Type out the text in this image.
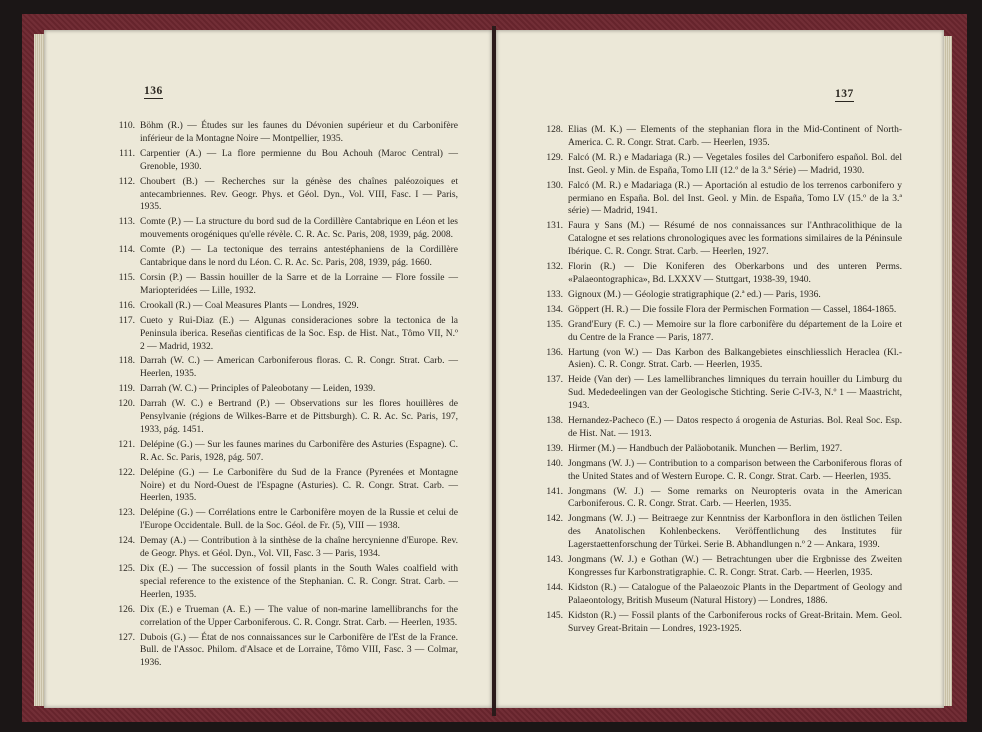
136
110. Böhm (R.) — Études sur les faunes du Dévonien supérieur et du Carbonifère inférieur de la Montagne Noire — Montpellier, 1935.
111. Carpentier (A.) — La flore permienne du Bou Achouh (Maroc Central) — Grenoble, 1930.
112. Choubert (B.) — Recherches sur la génèse des chaînes paléozoiques et antecambriennes. Rev. Geogr. Phys. et Géol. Dyn., Vol. VIII, Fasc. I — Paris, 1935.
113. Comte (P.) — La structure du bord sud de la Cordillère Cantabrique en Léon et les mouvements orogéniques qu'elle révèle. C. R. Ac. Sc. Paris, 208, 1939, pág. 2008.
114. Comte (P.) — La tectonique des terrains antestéphaniens de la Cordillère Cantabrique dans le nord du Léon. C. R. Ac. Sc. Paris, 208, 1939, pág. 1660.
115. Corsin (P.) — Bassin houiller de la Sarre et de la Lorraine — Flore fossile — Mariopteridées — Lille, 1932.
116. Crookall (R.) — Coal Measures Plants — Londres, 1929.
117. Cueto y Rui-Diaz (E.) — Algunas consideraciones sobre la tectonica de la Peninsula iberica. Reseñas cientificas de la Soc. Esp. de Hist. Nat., Tômo VII, N.º 2 — Madrid, 1932.
118. Darrah (W. C.) — American Carboniferous floras. C. R. Congr. Strat. Carb. — Heerlen, 1935.
119. Darrah (W. C.) — Principles of Paleobotany — Leiden, 1939.
120. Darrah (W. C.) e Bertrand (P.) — Observations sur les flores houillères de Pensylvanie (régions de Wilkes-Barre et de Pittsburgh). C. R. Ac. Sc. Paris, 197, 1933, pág. 1451.
121. Delépine (G.) — Sur les faunes marines du Carbonifère des Asturies (Espagne). C. R. Ac. Sc. Paris, 1928, pág. 507.
122. Delépine (G.) — Le Carbonifère du Sud de la France (Pyrenées et Montagne Noire) et du Nord-Ouest de l'Espagne (Asturies). C. R. Congr. Strat. Carb. — Heerlen, 1935.
123. Delépine (G.) — Corrélations entre le Carbonifère moyen de la Russie et celui de l'Europe Occidentale. Bull. de la Soc. Géol. de Fr. (5), VIII — 1938.
124. Demay (A.) — Contribution à la sinthèse de la chaîne hercynienne d'Europe. Rev. de Geogr. Phys. et Géol. Dyn., Vol. VII, Fasc. 3 — Paris, 1934.
125. Dix (E.) — The succession of fossil plants in the South Wales coalfield with special reference to the existence of the Stephanian. C. R. Congr. Strat. Carb. — Heerlen, 1935.
126. Dix (E.) e Trueman (A. E.) — The value of non-marine lamellibranchs for the correlation of the Upper Carboniferous. C. R. Congr. Strat. Carb. — Heerlen, 1935.
127. Dubois (G.) — État de nos connaissances sur le Carbonifère de l'Est de la France. Bull. de l'Assoc. Philom. d'Alsace et de Lorraine, Tômo VIII, Fasc. 3 — Colmar, 1936.
137
128. Elias (M. K.) — Elements of the stephanian flora in the Mid-Continent of North-America. C. R. Congr. Strat. Carb. — Heerlen, 1935.
129. Falcó (M. R.) e Madariaga (R.) — Vegetales fosiles del Carbonifero español. Bol. del Inst. Geol. y Min. de España, Tomo LII (12.º de la 3.ª Série) — Madrid, 1930.
130. Falcó (M. R.) e Madariaga (R.) — Aportación al estudio de los terrenos carbonifero y permiano en España. Bol. del Inst. Geol. y Min. de España, Tomo LV (15.º de la 3.ª série) — Madrid, 1941.
131. Faura y Sans (M.) — Résumé de nos connaissances sur l'Anthracolithique de la Catalogne et ses relations chronologiques avec les formations similaires de la Péninsule Ibérique. C. R. Congr. Strat. Carb. — Heerlen, 1927.
132. Florin (R.) — Die Koniferen des Oberkarbons und des unteren Perms. «Palaeontographica», Bd. LXXXV — Stuttgart, 1938-39, 1940.
133. Gignoux (M.) — Géologie stratigraphique (2.ª ed.) — Paris, 1936.
134. Göppert (H. R.) — Die fossile Flora der Permischen Formation — Cassel, 1864-1865.
135. Grand'Eury (F. C.) — Memoire sur la flore carbonifère du département de la Loire et du Centre de la France — Paris, 1877.
136. Hartung (von W.) — Das Karbon des Balkangebietes einschliesslich Heraclea (Kl.-Asien). C. R. Congr. Strat. Carb. — Heerlen, 1935.
137. Heide (Van der) — Les lamellibranches limniques du terrain houiller du Limburg du Sud. Mededeelingen van der Geologische Stichting. Serie C-IV-3, N.º 1 — Maastricht, 1943.
138. Hernandez-Pacheco (E.) — Datos respecto á orogenia de Asturias. Bol. Real Soc. Esp. de Hist. Nat. — 1913.
139. Hirmer (M.) — Handbuch der Paläobotanik. Munchen — Berlim, 1927.
140. Jongmans (W. J.) — Contribution to a comparison between the Carboniferous floras of the United States and of Western Europe. C. R. Congr. Strat. Carb. — Heerlen, 1935.
141. Jongmans (W. J.) — Some remarks on Neuropteris ovata in the American Carboniferous. C. R. Congr. Strat. Carb. — Heerlen, 1935.
142. Jongmans (W. J.) — Beitraege zur Kenntniss der Karbonflora in den östlichen Teilen des Anatolischen Kohlenbeckens. Veröffentlichung des Institutes für Lagerstaettenforschung der Türkei. Serie B. Abhandlungen n.º 2 — Ankara, 1939.
143. Jongmans (W. J.) e Gothan (W.) — Betrachtungen uber die Ergbnisse des Zweiten Kongresses fur Karbonstratigraphie. C. R. Congr. Strat. Carb. — Heerlen, 1935.
144. Kidston (R.) — Catalogue of the Palaeozoic Plants in the Department of Geology and Palaeontology, British Museum (Natural History) — Londres, 1886.
145. Kidston (R.) — Fossil plants of the Carboniferous rocks of Great-Britain. Mem. Geol. Survey Great-Britain — Londres, 1923-1925.
